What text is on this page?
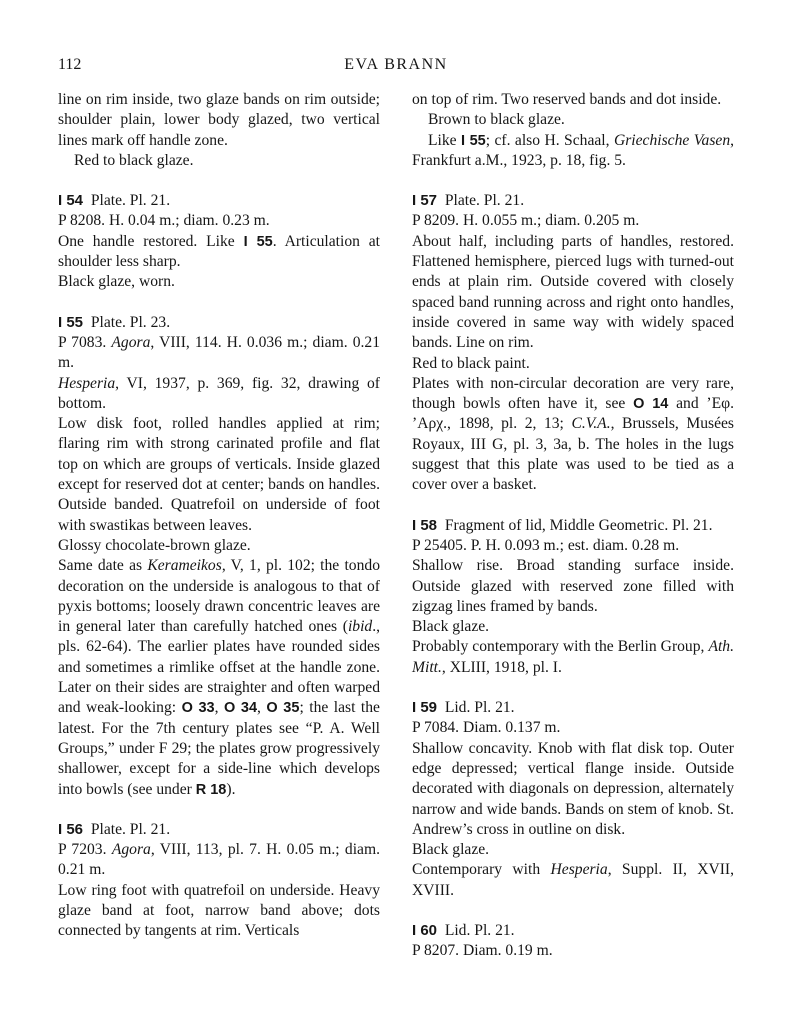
112	EVA BRANN

line on rim inside, two glaze bands on rim outside; shoulder plain, lower body glazed, two vertical lines mark off handle zone.

Red to black glaze.

I 54 Plate. Pl. 21.

P 8208. H. 0.04 m.; diam. 0.23 m.

One handle restored. Like I 55. Articulation at shoulder less sharp.

Black glaze, worn.

I 55 Plate. Pl. 23.

P 7083. Agora, VIII, 114. H. 0.036 m.; diam. 0.21 m.

Hesperia, VI, 1937, p. 369, fig. 32, drawing of bottom.

Low disk foot, rolled handles applied at rim; flaring rim with strong carinated profile and flat top on which are groups of verticals. Inside glazed except for reserved dot at center; bands on handles. Outside banded. Quatrefoil on underside of foot with swastikas between leaves.

Glossy chocolate-brown glaze.

Same date as Kerameikos, V, 1, pl. 102; the tondo decoration on the underside is analogous to that of pyxis bottoms; loosely drawn concentric leaves are in general later than carefully hatched ones (ibid., pls. 62-64). The earlier plates have rounded sides and sometimes a rimlike offset at the handle zone. Later on their sides are straighter and often warped and weak-looking: O 33, O 34, O 35; the last the latest. For the 7th century plates see “P. A. Well Groups,” under F 29; the plates grow progressively shallower, except for a side-line which develops into bowls (see under R 18).

I 56 Plate. Pl. 21.

P 7203. Agora, VIII, 113, pl. 7. H. 0.05 m.; diam. 0.21 m.

Low ring foot with quatrefoil on underside. Heavy glaze band at foot, narrow band above; dots connected by tangents at rim. Verticals

on top of rim. Two reserved bands and dot inside.

Brown to black glaze.

Like I 55; cf. also H. Schaal, Griechische Vasen, Frankfurt a.M., 1923, p. 18, fig. 5.

I 57 Plate. Pl. 21.

P 8209. H. 0.055 m.; diam. 0.205 m.

About half, including parts of handles, restored. Flattened hemisphere, pierced lugs with turned-out ends at plain rim. Outside covered with closely spaced band running across and right onto handles, inside covered in same way with widely spaced bands. Line on rim.

Red to black paint.

Plates with non-circular decoration are very rare, though bowls often have it, see O 14 and ’Εφ. ’Αρχ., 1898, pl. 2, 13; C.V.A., Brussels, Musées Royaux, III G, pl. 3, 3a, b. The holes in the lugs suggest that this plate was used to be tied as a cover over a basket.

I 58 Fragment of lid, Middle Geometric. Pl. 21.

P 25405. P. H. 0.093 m.; est. diam. 0.28 m.

Shallow rise. Broad standing surface inside. Outside glazed with reserved zone filled with zigzag lines framed by bands.

Black glaze.

Probably contemporary with the Berlin Group, Ath. Mitt., XLIII, 1918, pl. I.

I 59 Lid. Pl. 21.

P 7084. Diam. 0.137 m.

Shallow concavity. Knob with flat disk top. Outer edge depressed; vertical flange inside. Outside decorated with diagonals on depression, alternately narrow and wide bands. Bands on stem of knob. St. Andrew’s cross in outline on disk.

Black glaze.

Contemporary with Hesperia, Suppl. II, XVII, XVIII.

I 60 Lid. Pl. 21.

P 8207. Diam. 0.19 m.
